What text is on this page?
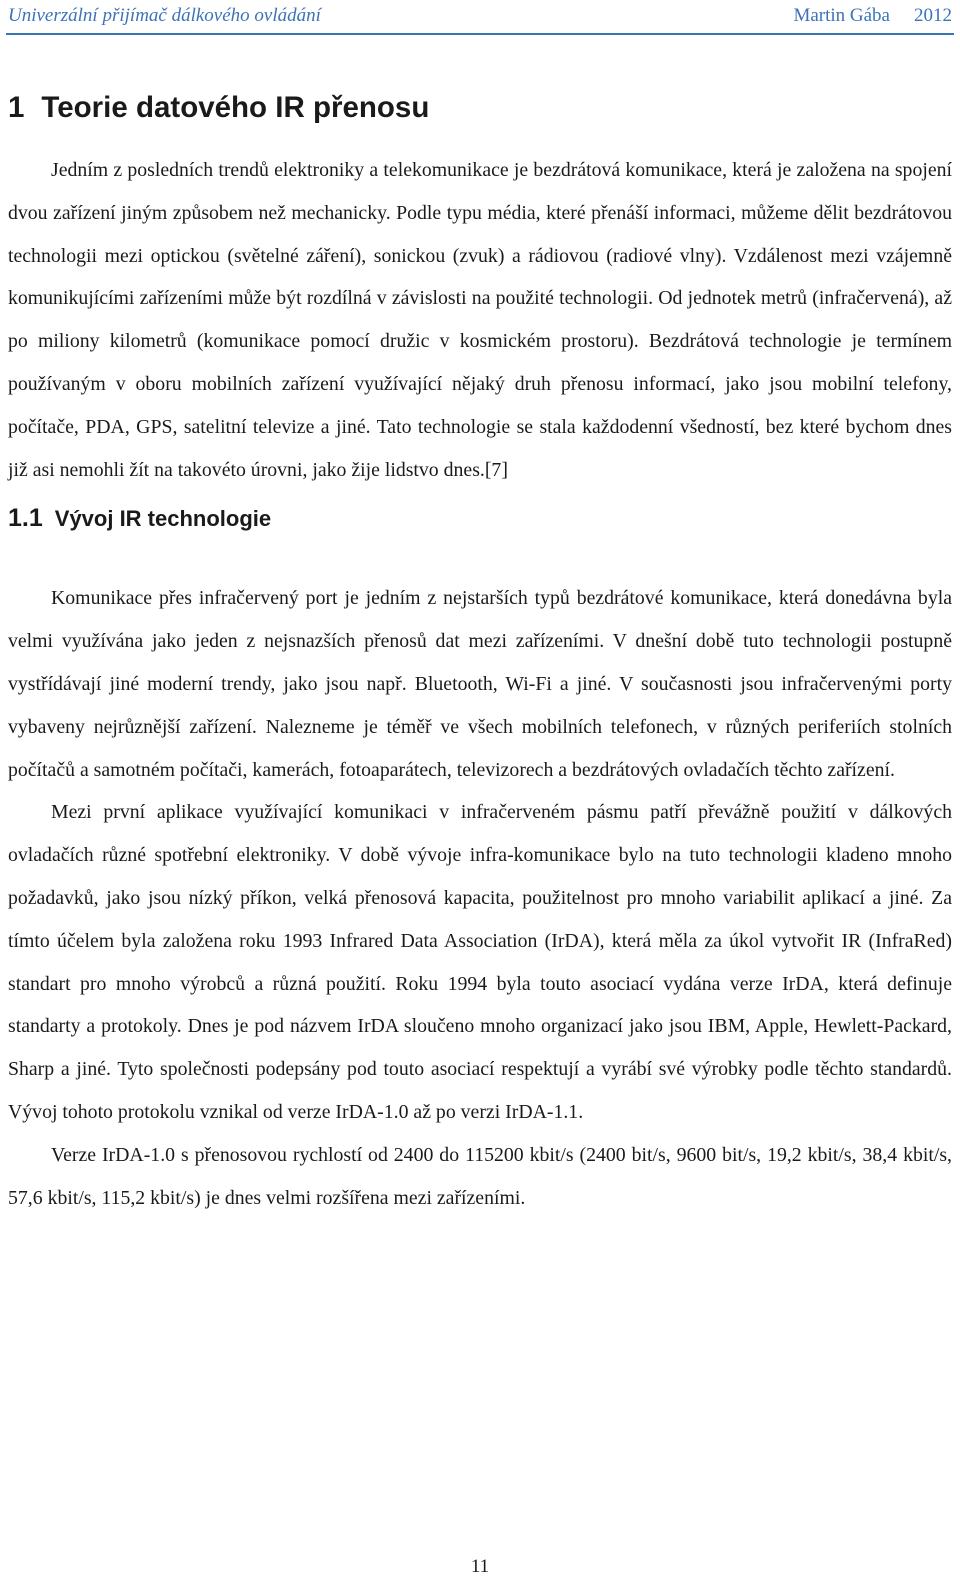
Univerzální přijímač dálkového ovládání	Martin Gába 2012
1 Teorie datového IR přenosu

Jedním z posledních trendů elektroniky a telekomunikace je bezdrátová komunikace, která je založena na spojení dvou zařízení jiným způsobem než mechanicky. Podle typu média, které přenáší informaci, můžeme dělit bezdrátovou technologii mezi optickou (světelné záření), sonickou (zvuk) a rádiovou (radiové vlny). Vzdálenost mezi vzájemně komunikujícími zařízeními může být rozdílná v závislosti na použité technologii. Od jednotek metrů (infračervená), až po miliony kilometrů (komunikace pomocí družic v kosmickém prostoru). Bezdrátová technologie je termínem používaným v oboru mobilních zařízení využívající nějaký druh přenosu informací, jako jsou mobilní telefony, počítače, PDA, GPS, satelitní televize a jiné. Tato technologie se stala každodenní všedností, bez které bychom dnes již asi nemohli žít na takovéto úrovni, jako žije lidstvo dnes.[7]

1.1 Vývoj IR technologie

Komunikace přes infračervený port je jedním z nejstarších typů bezdrátové komunikace, která donedávna byla velmi využívána jako jeden z nejsnazších přenosů dat mezi zařízeními. V dnešní době tuto technologii postupně vystřídávají jiné moderní trendy, jako jsou např. Bluetooth, Wi-Fi a jiné. V současnosti jsou infračervenými porty vybaveny nejrůznější zařízení. Nalezneme je téměř ve všech mobilních telefonech, v různých periferiích stolních počítačů a samotném počítači, kamerách, fotoaparátech, televizorech a bezdrátových ovladačích těchto zařízení.

Mezi první aplikace využívající komunikaci v infračerveném pásmu patří převážně použití v dálkových ovladačích různé spotřební elektroniky. V době vývoje infra-komunikace bylo na tuto technologii kladeno mnoho požadavků, jako jsou nízký příkon, velká přenosová kapacita, použitelnost pro mnoho variabilit aplikací a jiné. Za tímto účelem byla založena roku 1993 Infrared Data Association (IrDA), která měla za úkol vytvořit IR (InfraRed) standart pro mnoho výrobců a různá použití. Roku 1994 byla touto asociací vydána verze IrDA, která definuje standarty a protokoly. Dnes je pod názvem IrDA sloučeno mnoho organizací jako jsou IBM, Apple, Hewlett-Packard, Sharp a jiné. Tyto společnosti podepsány pod touto asociací respektují a vyrábí své výrobky podle těchto standardů. Vývoj tohoto protokolu vznikal od verze IrDA-1.0 až po verzi IrDA-1.1.

Verze IrDA-1.0 s přenosovou rychlostí od 2400 do 115200 kbit/s (2400 bit/s, 9600 bit/s, 19,2 kbit/s, 38,4 kbit/s, 57,6 kbit/s, 115,2 kbit/s) je dnes velmi rozšířena mezi zařízeními.

11
